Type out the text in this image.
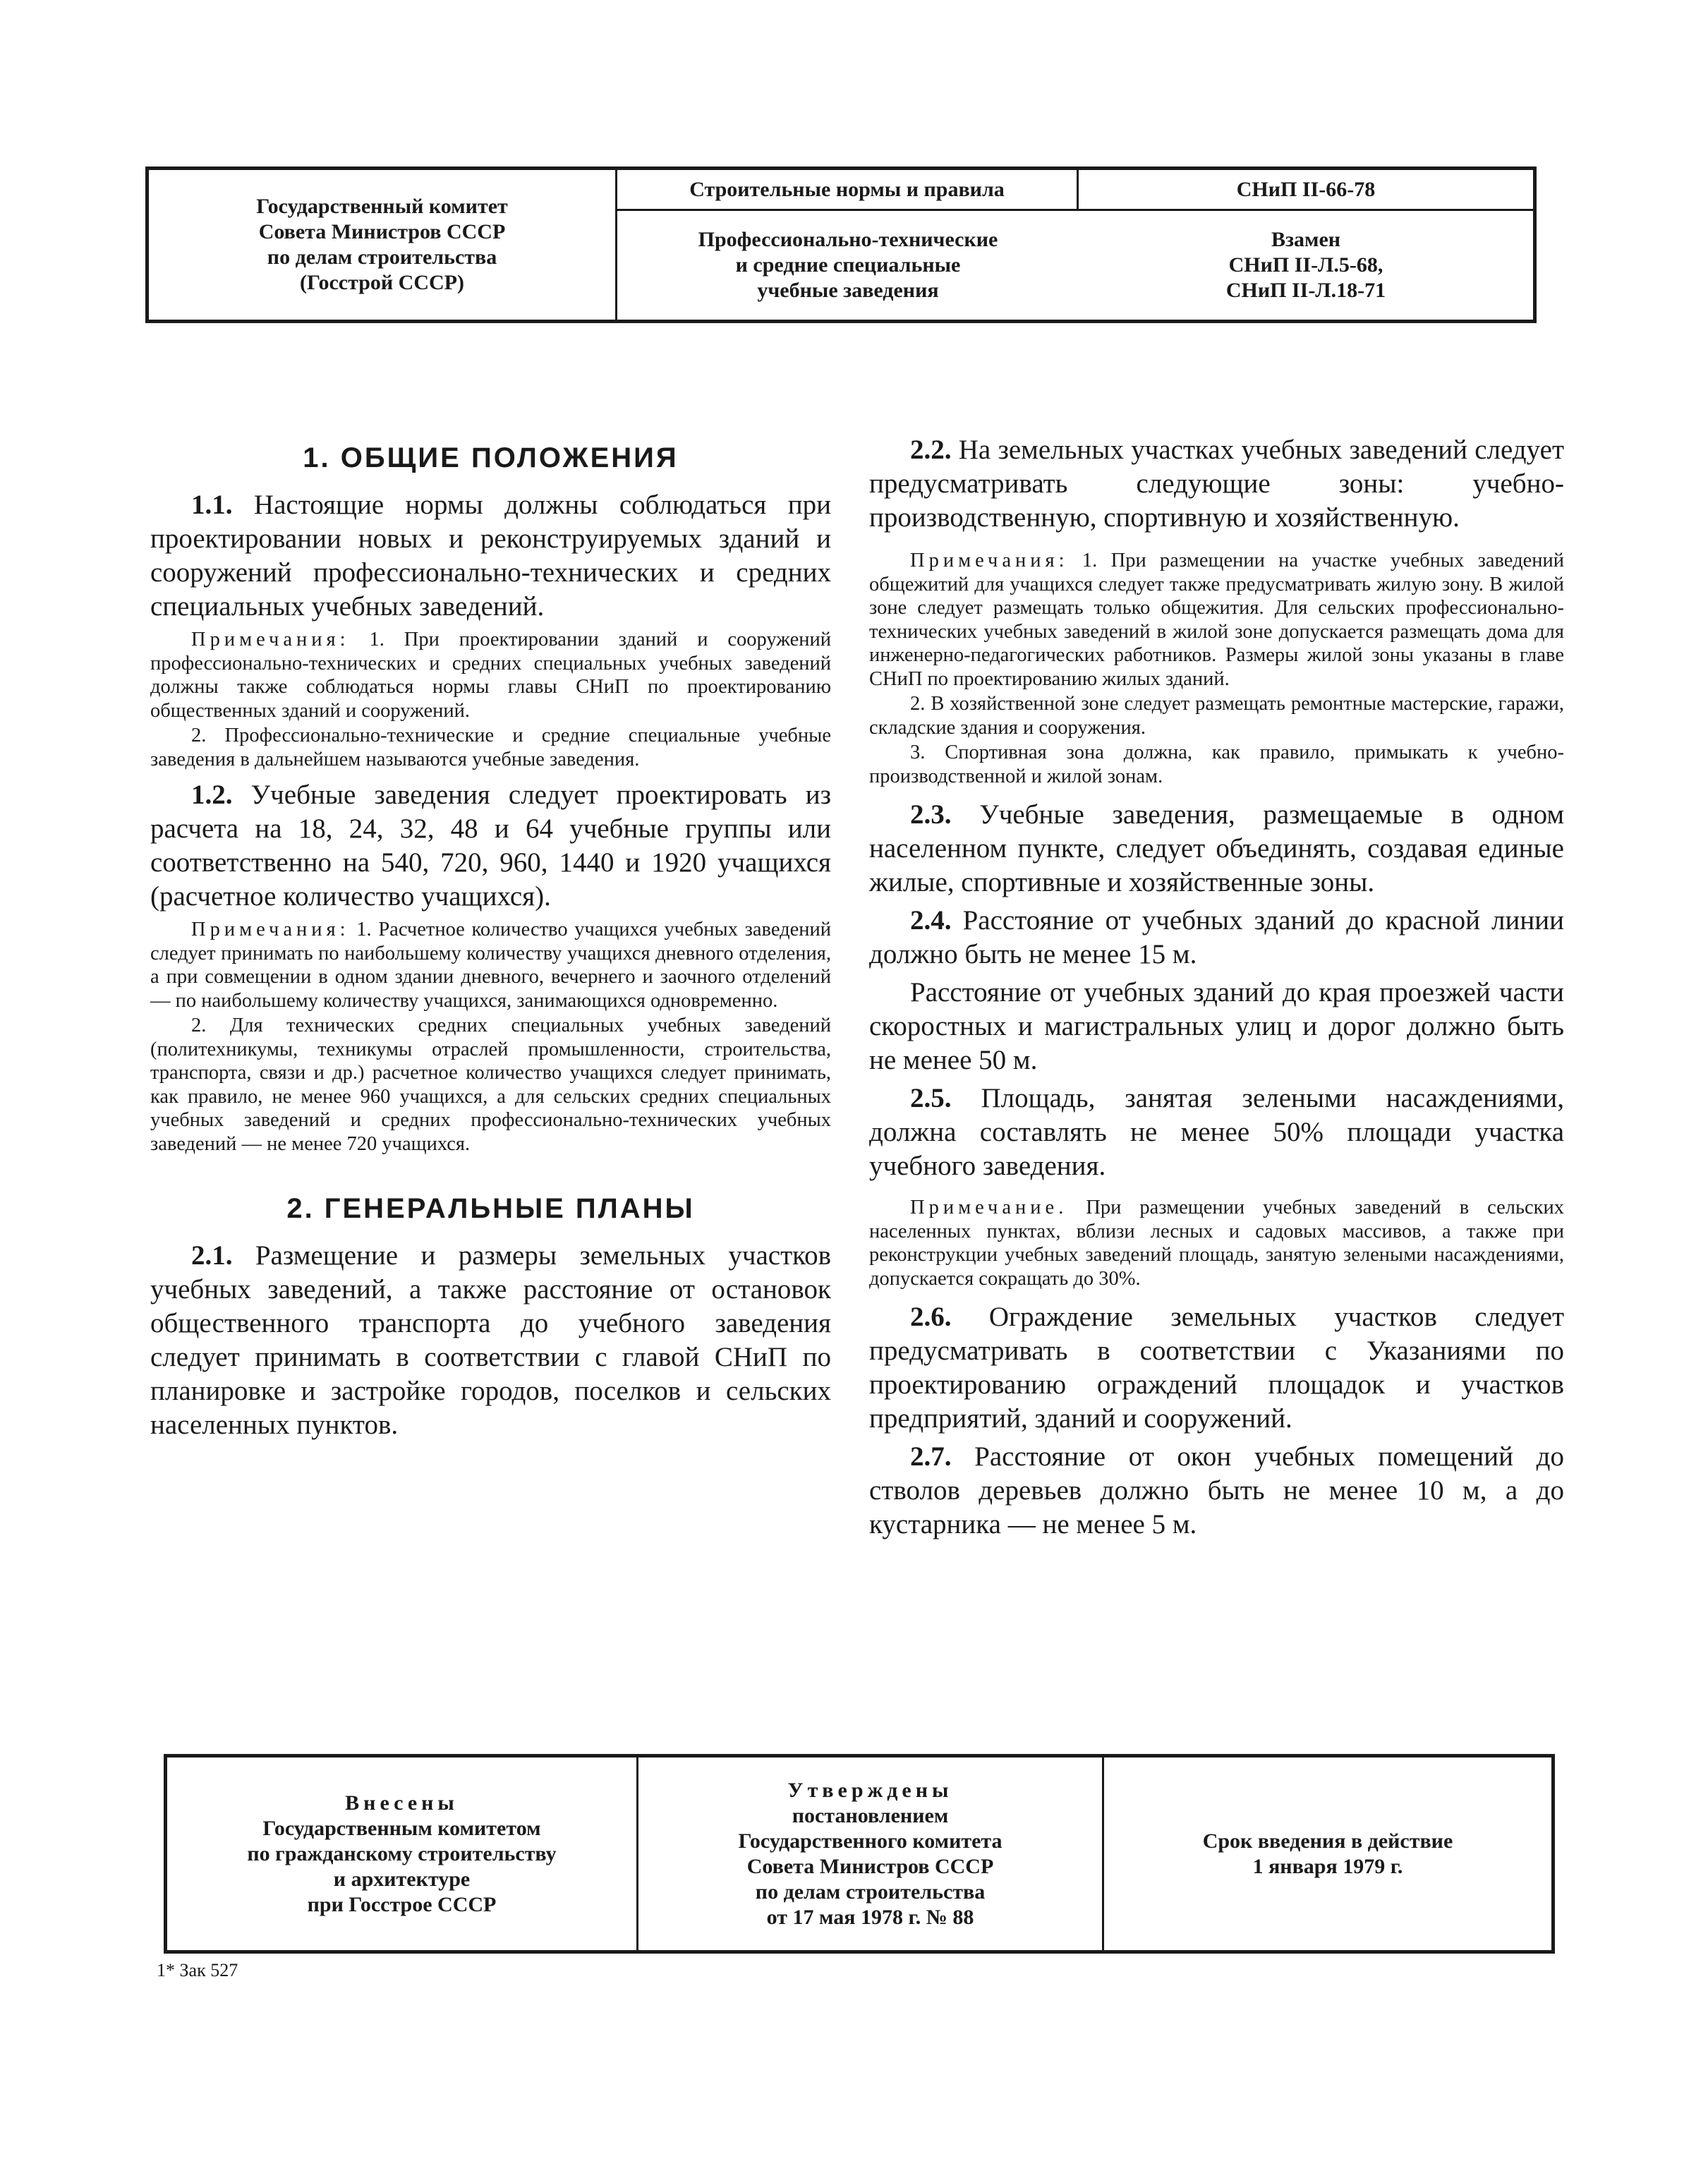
Государственный комитет
Совета Министров СССР
по делам строительства
(Госстрой СССР)
Строительные нормы и правила	СНиП II-66-78
Профессионально-технические
и средние специальные
учебные заведения
Взамен
СНиП II-Л.5-68,
СНиП II-Л.18-71
1. ОБЩИЕ ПОЛОЖЕНИЯ

1.1. Настоящие нормы должны соблюдаться при проектировании новых и реконструируемых зданий и сооружений профессионально-технических и средних специальных учебных заведений.

Примечания: 1. При проектировании зданий и сооружений профессионально-технических и средних специальных учебных заведений должны также соблюдаться нормы главы СНиП по проектированию общественных зданий и сооружений.

2. Профессионально-технические и средние специальные учебные заведения в дальнейшем называются учебные заведения.

1.2. Учебные заведения следует проектировать из расчета на 18, 24, 32, 48 и 64 учебные группы или соответственно на 540, 720, 960, 1440 и 1920 учащихся (расчетное количество учащихся).

Примечания: 1. Расчетное количество учащихся учебных заведений следует принимать по наибольшему количеству учащихся дневного отделения, а при совмещении в одном здании дневного, вечернего и заочного отделений — по наибольшему количеству учащихся, занимающихся одновременно.

2. Для технических средних специальных учебных заведений (политехникумы, техникумы отраслей промышленности, строительства, транспорта, связи и др.) расчетное количество учащихся следует принимать, как правило, не менее 960 учащихся, а для сельских средних специальных учебных заведений и средних профессионально-технических учебных заведений — не менее 720 учащихся.

2. ГЕНЕРАЛЬНЫЕ ПЛАНЫ

2.1. Размещение и размеры земельных участков учебных заведений, а также расстояние от остановок общественного транспорта до учебного заведения следует принимать в соответствии с главой СНиП по планировке и застройке городов, поселков и сельских населенных пунктов.

2.2. На земельных участках учебных заведений следует предусматривать следующие зоны: учебно-производственную, спортивную и хозяйственную.

Примечания: 1. При размещении на участке учебных заведений общежитий для учащихся следует также предусматривать жилую зону. В жилой зоне следует размещать только общежития. Для сельских профессионально-технических учебных заведений в жилой зоне допускается размещать дома для инженерно-педагогических работников. Размеры жилой зоны указаны в главе СНиП по проектированию жилых зданий.

2. В хозяйственной зоне следует размещать ремонтные мастерские, гаражи, складские здания и сооружения.

3. Спортивная зона должна, как правило, примыкать к учебно-производственной и жилой зонам.

2.3. Учебные заведения, размещаемые в одном населенном пункте, следует объединять, создавая единые жилые, спортивные и хозяйственные зоны.

2.4. Расстояние от учебных зданий до красной линии должно быть не менее 15 м.

Расстояние от учебных зданий до края проезжей части скоростных и магистральных улиц и дорог должно быть не менее 50 м.

2.5. Площадь, занятая зелеными насаждениями, должна составлять не менее 50% площади участка учебного заведения.

Примечание. При размещении учебных заведений в сельских населенных пунктах, вблизи лесных и садовых массивов, а также при реконструкции учебных заведений площадь, занятую зелеными насаждениями, допускается сокращать до 30%.

2.6. Ограждение земельных участков следует предусматривать в соответствии с Указаниями по проектированию ограждений площадок и участков предприятий, зданий и сооружений.

2.7. Расстояние от окон учебных помещений до стволов деревьев должно быть не менее 10 м, а до кустарника — не менее 5 м.

Внесены
Государственным комитетом
по гражданскому строительству
и архитектуре
при Госстрое СССР
Утверждены
постановлением
Государственного комитета
Совета Министров СССР
по делам строительства
от 17 мая 1978 г. № 88
Срок введения в действие
1 января 1979 г.
1* Зак 527
